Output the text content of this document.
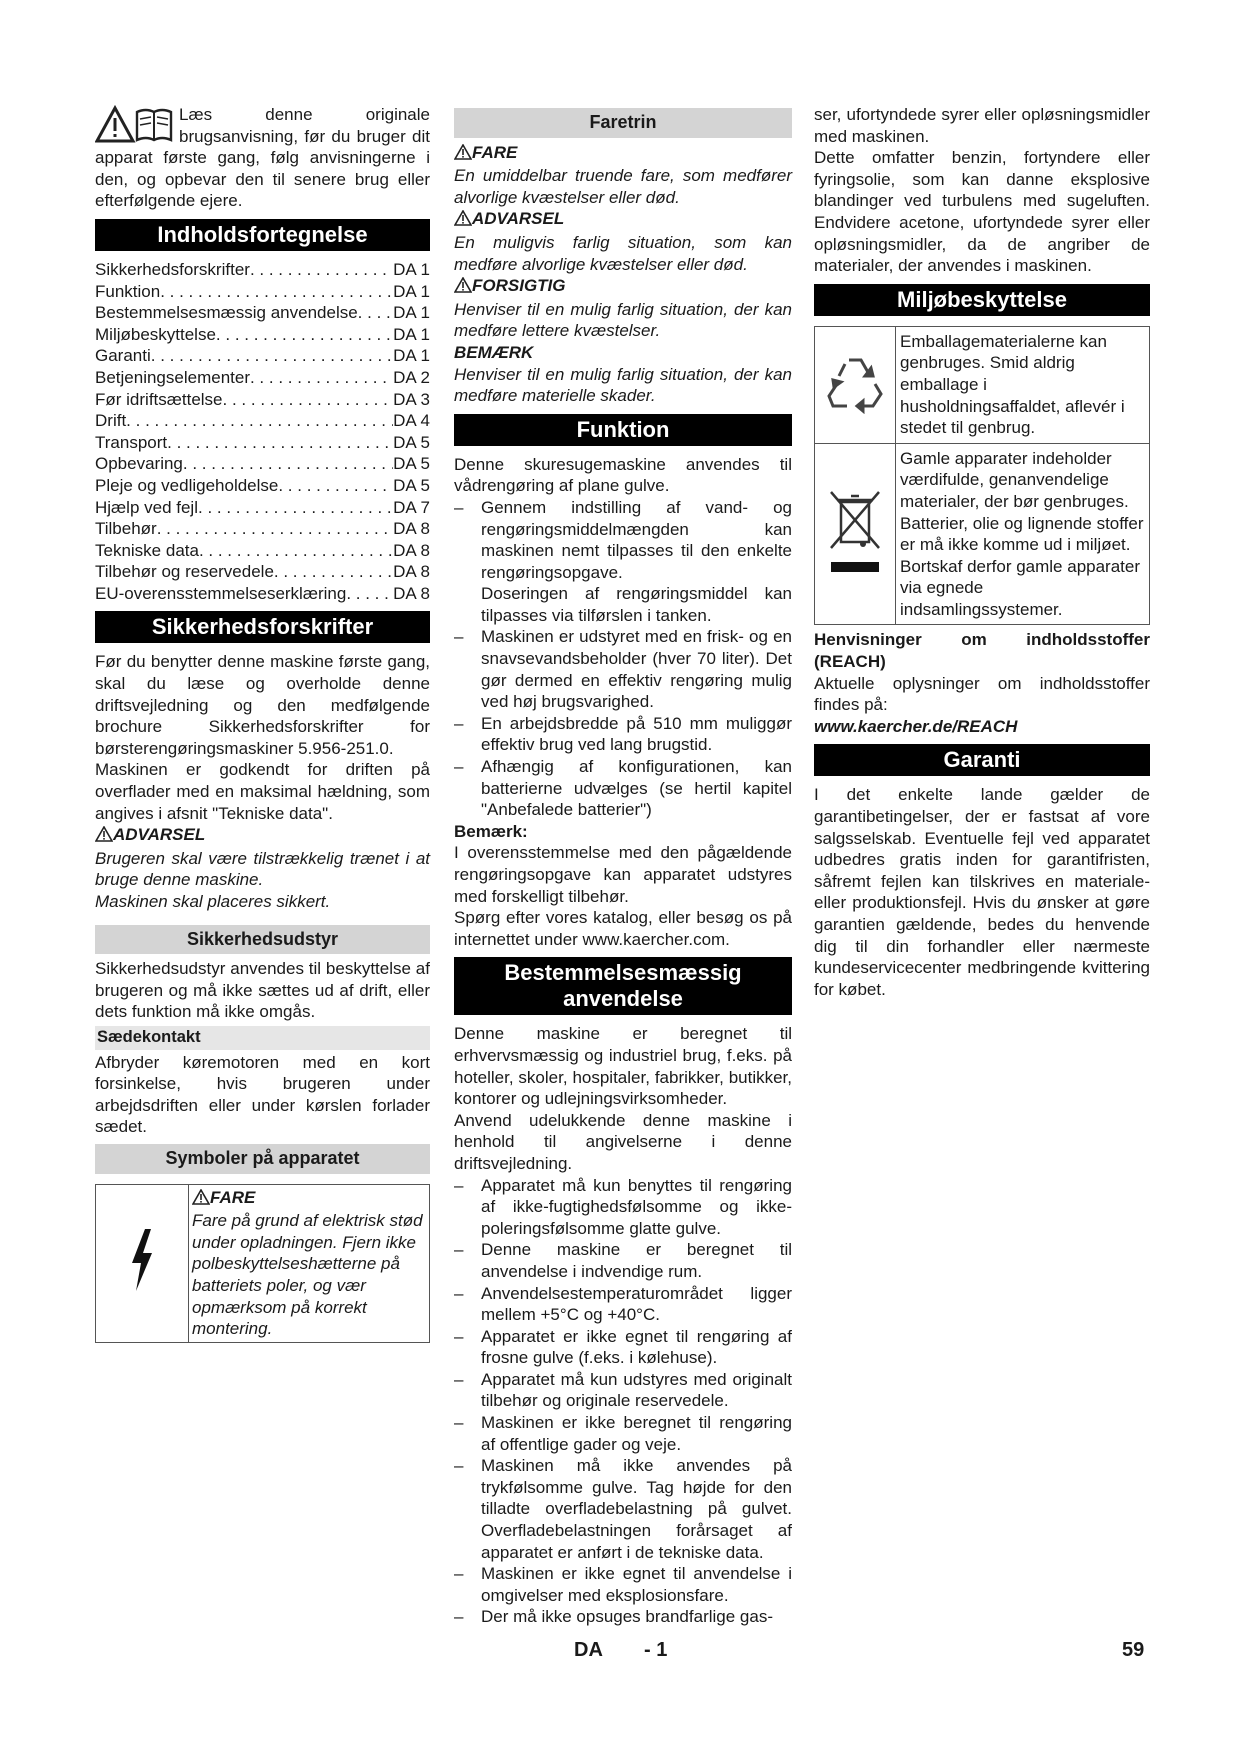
Læs denne originale brugsanvisning, før du bruger dit apparat første gang, følg anvisningerne i den, og opbevar den til senere brug eller efterfølgende ejere.

Indholdsfortegnelse
Sikkerhedsforskrifter . . .	DA 1
Funktion . . .	DA 1
Bestemmelsesmæssig anvendelse . . . DA 1
Miljøbeskyttelse . . .	DA 1
Garanti . . .	DA 1
Betjeningselementer . . .	DA 2
Før idriftsættelse . . .	DA 3
Drift . . .	DA 4
Transport . . .	DA 5
Opbevaring . . .	DA 5
Pleje og vedligeholdelse . . .	DA 5
Hjælp ved fejl . . .	DA 7
Tilbehør . . .	DA 8
Tekniske data . . .	DA 8
Tilbehør og reservedele . . .	DA 8
EU-overensstemmelseserklæring . . .	DA 8
Sikkerhedsforskrifter

Før du benytter denne maskine første gang, skal du læse og overholde denne driftsvejledning og den medfølgende brochure Sikkerhedsforskrifter for børsterengøringsmaskiner 5.956-251.0.

Maskinen er godkendt for driften på overflader med en maksimal hældning, som angives i afsnit "Tekniske data".

ADVARSEL

Brugeren skal være tilstrækkelig trænet i at bruge denne maskine.

Maskinen skal placeres sikkert.

Sikkerhedsudstyr

Sikkerhedsudstyr anvendes til beskyttelse af brugeren og må ikke sættes ud af drift, eller dets funktion må ikke omgås.

Sædekontakt

Afbryder køremotoren med en kort forsinkelse, hvis brugeren under arbejdsdriften eller under kørslen forlader sædet.

Symboler på apparatet

FARE
Fare på grund af elektrisk stød under opladningen. Fjern ikke polbeskyttelseshætterne på batteriets poler, og vær opmærksom på korrekt montering.
Faretrin
FARE

En umiddelbar truende fare, som medfører alvorlige kvæstelser eller død.

ADVARSEL

En muligvis farlig situation, som kan medføre alvorlige kvæstelser eller død.

FORSIGTIG

Henviser til en mulig farlig situation, der kan medføre lettere kvæstelser.

BEMÆRK

Henviser til en mulig farlig situation, der kan medføre materielle skader.

Funktion

Denne skuresugemaskine anvendes til vådrengøring af plane gulve.

– Gennem indstilling af vand- og rengøringsmiddelmængden kan maskinen nemt tilpasses til den enkelte rengøringsopgave.
Doseringen af rengøringsmiddel kan tilpasses via tilførslen i tanken.
– Maskinen er udstyret med en frisk- og en snavsevandsbeholder (hver 70 liter). Det gør dermed en effektiv rengøring mulig ved høj brugsvarighed.
– En arbejdsbredde på 510 mm muliggør effektiv brug ved lang brugstid.
– Afhængig af konfigurationen, kan batterierne udvælges (se hertil kapitel "Anbefalede batterier")
Bemærk:

I overensstemmelse med den pågældende rengøringsopgave kan apparatet udstyres med forskelligt tilbehør.

Spørg efter vores katalog, eller besøg os på internettet under www.kaercher.com.

Bestemmelsesmæssig
anvendelse

Denne maskine er beregnet til erhvervsmæssig og industriel brug, f.eks. på hoteller, skoler, hospitaler, fabrikker, butikker, kontorer og udlejningsvirksomheder.

Anvend udelukkende denne maskine i henhold til angivelserne i denne driftsvejledning.

– Apparatet må kun benyttes til rengøring af ikke-fugtighedsfølsomme og ikke-poleringsfølsomme glatte gulve.
– Denne maskine er beregnet til anvendelse i indvendige rum.
– Anvendelsestemperaturområdet ligger mellem +5°C og +40°C.
– Apparatet er ikke egnet til rengøring af frosne gulve (f.eks. i kølehuse).
– Apparatet må kun udstyres med originalt tilbehør og originale reservedele.
– Maskinen er ikke beregnet til rengøring af offentlige gader og veje.
– Maskinen må ikke anvendes på trykfølsomme gulve. Tag højde for den tilladte overfladebelastning på gulvet. Overfladebelastningen forårsaget af apparatet er anført i de tekniske data.
– Maskinen er ikke egnet til anvendelse i omgivelser med eksplosionsfare.
– Der må ikke opsuges brandfarlige gas-

ser, ufortyndede syrer eller opløsningsmidler med maskinen.

Dette omfatter benzin, fortyndere eller fyringsolie, som kan danne eksplosive blandinger ved turbulens med sugeluften. Endvidere acetone, ufortyndede syrer eller opløsningsmidler, da de angriber de materialer, der anvendes i maskinen.

Miljøbeskyttelse
	Emballagematerialerne kan genbruges. Smid aldrig emballage i husholdningsaffaldet, aflevér i stedet til genbrug.
	Gamle apparater indeholder værdifulde, genanvendelige materialer, der bør genbruges. Batterier, olie og lignende stoffer er må ikke komme ud i miljøet. Bortskaf derfor gamle apparater via egnede indsamlingssystemer.
Henvisninger om indholdsstoffer (REACH)

Aktuelle oplysninger om indholdsstoffer findes på:

www.kaercher.de/REACH
Garanti

I det enkelte lande gælder de garantibetingelser, der er fastsat af vore salgsselskab. Eventuelle fejl ved apparatet udbedres gratis inden for garantifristen, såfremt fejlen kan tilskrives en materiale- eller produktionsfejl. Hvis du ønsker at gøre garantien gældende, bedes du henvende dig til din forhandler eller nærmeste kundeservicecenter medbringende kvittering for købet.

DA - 1	59
